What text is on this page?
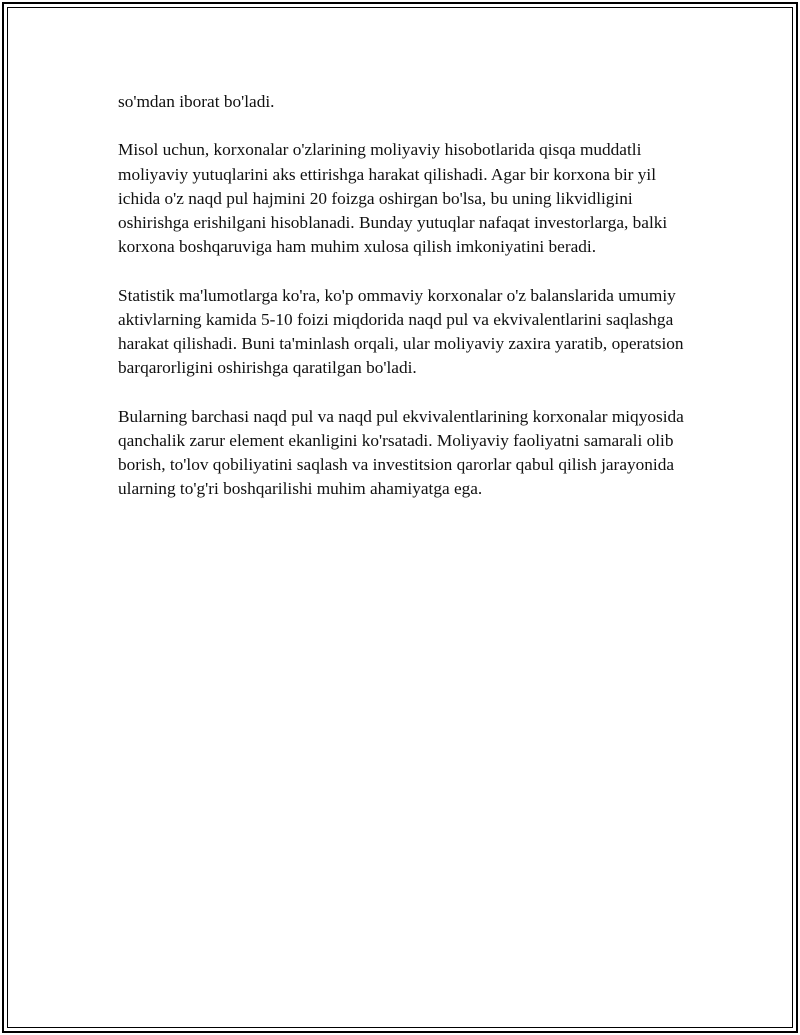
so'mdan iborat bo'ladi.

Misol uchun, korxonalar o'zlarining moliyaviy hisobotlarida qisqa muddatli moliyaviy yutuqlarini aks ettirishga harakat qilishadi. Agar bir korxona bir yil ichida o'z naqd pul hajmini 20 foizga oshirgan bo'lsa, bu uning likvidligini oshirishga erishilgani hisoblanadi. Bunday yutuqlar nafaqat investorlarga, balki korxona boshqaruviga ham muhim xulosa qilish imkoniyatini beradi.

Statistik ma'lumotlarga ko'ra, ko'p ommaviy korxonalar o'z balanslarida umumiy aktivlarning kamida 5-10 foizi miqdorida naqd pul va ekvivalentlarini saqlashga harakat qilishadi. Buni ta'minlash orqali, ular moliyaviy zaxira yaratib, operatsion barqarorligini oshirishga qaratilgan bo'ladi.

Bularning barchasi naqd pul va naqd pul ekvivalentlarining korxonalar miqyosida qanchalik zarur element ekanligini ko'rsatadi. Moliyaviy faoliyatni samarali olib borish, to'lov qobiliyatini saqlash va investitsion qarorlar qabul qilish jarayonida ularning to'g'ri boshqarilishi muhim ahamiyatga ega.
